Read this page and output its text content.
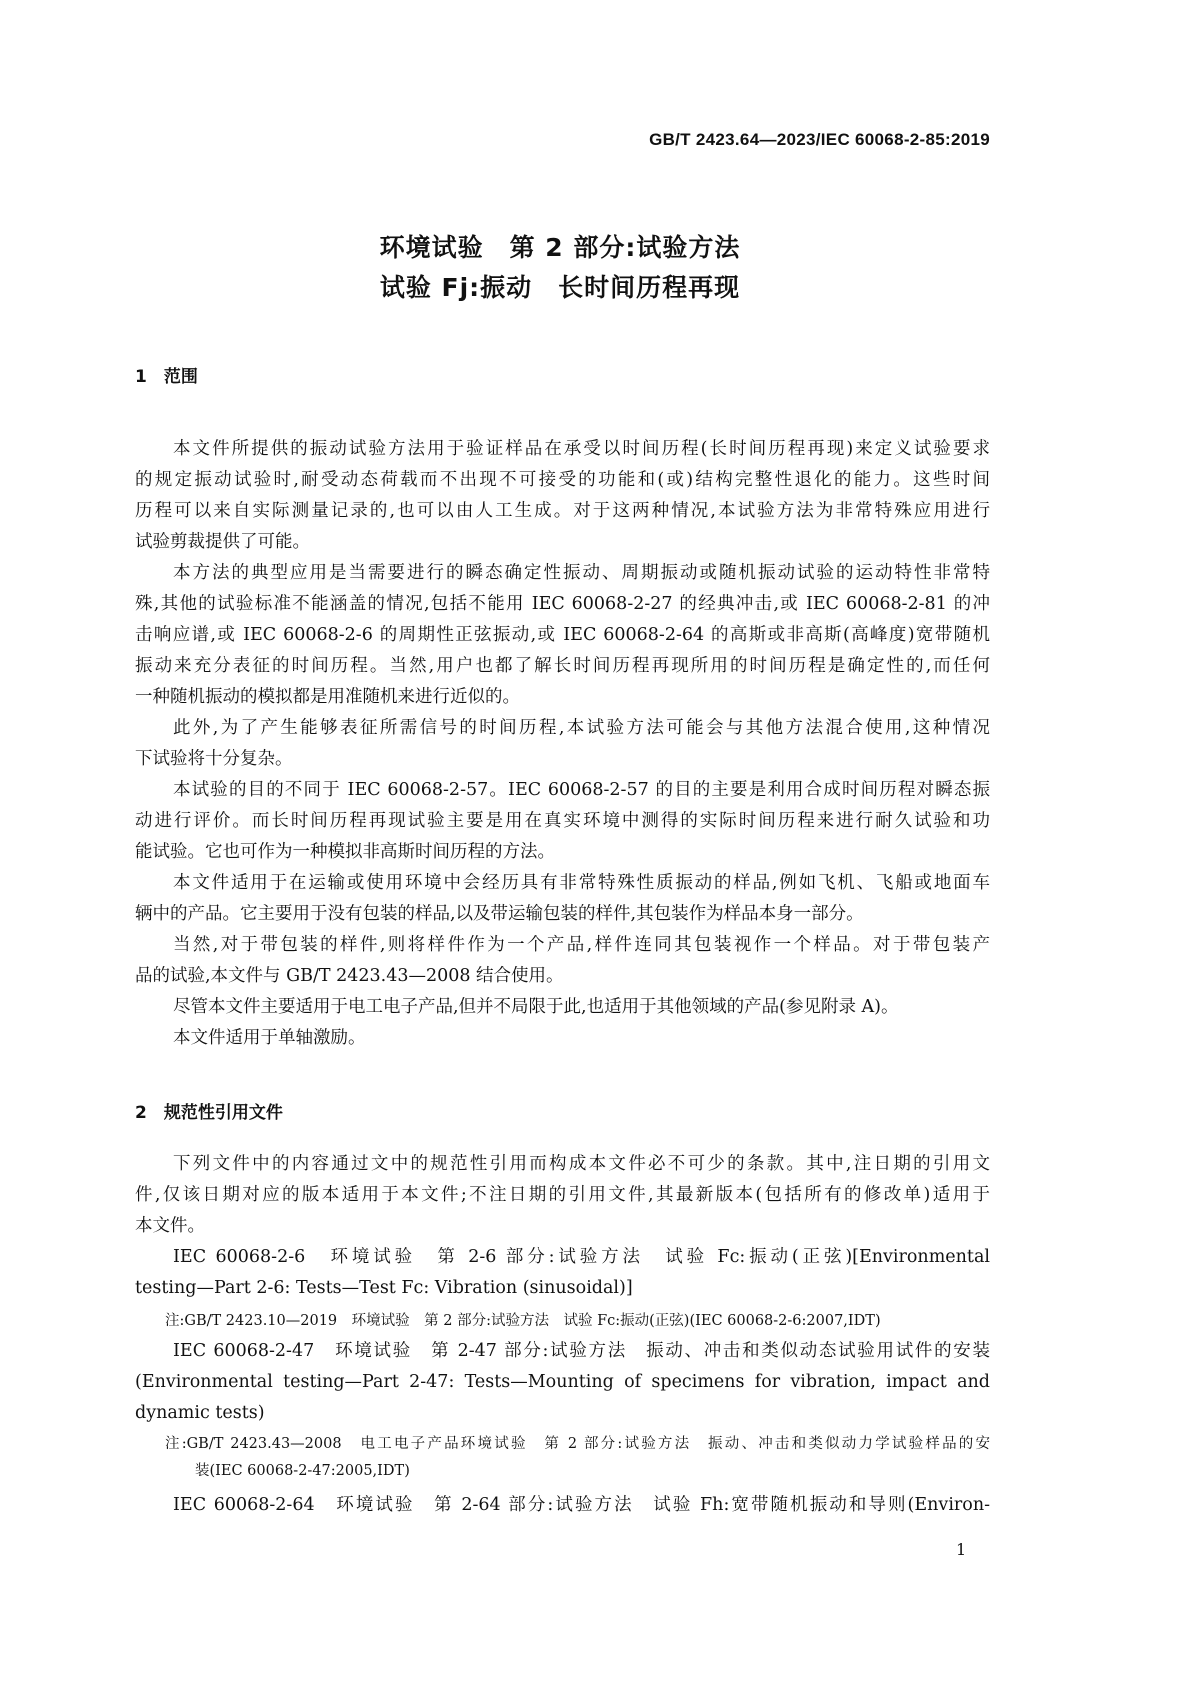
GB/T 2423.64—2023/IEC 60068-2-85:2019
环境试验　第 2 部分:试验方法
试验 Fj:振动　长时间历程再现
1　范围
2　规范性引用文件
本文件所提供的振动试验方法用于验证样品在承受以时间历程(长时间历程再现)来定义试验要求
的规定振动试验时,耐受动态荷载而不出现不可接受的功能和(或)结构完整性退化的能力。这些时间
历程可以来自实际测量记录的,也可以由人工生成。对于这两种情况,本试验方法为非常特殊应用进行
试验剪裁提供了可能。
本方法的典型应用是当需要进行的瞬态确定性振动、周期振动或随机振动试验的运动特性非常特
殊,其他的试验标准不能涵盖的情况,包括不能用 IEC 60068-2-27 的经典冲击,或 IEC 60068-2-81 的冲
击响应谱,或 IEC 60068-2-6 的周期性正弦振动,或 IEC 60068-2-64 的高斯或非高斯(高峰度)宽带随机
振动来充分表征的时间历程。当然,用户也都了解长时间历程再现所用的时间历程是确定性的,而任何
一种随机振动的模拟都是用准随机来进行近似的。
此外,为了产生能够表征所需信号的时间历程,本试验方法可能会与其他方法混合使用,这种情况
下试验将十分复杂。
本试验的目的不同于 IEC 60068-2-57。IEC 60068-2-57 的目的主要是利用合成时间历程对瞬态振
动进行评价。而长时间历程再现试验主要是用在真实环境中测得的实际时间历程来进行耐久试验和功
能试验。它也可作为一种模拟非高斯时间历程的方法。
本文件适用于在运输或使用环境中会经历具有非常特殊性质振动的样品,例如飞机、飞船或地面车
辆中的产品。它主要用于没有包装的样品,以及带运输包装的样件,其包装作为样品本身一部分。
当然,对于带包装的样件,则将样件作为一个产品,样件连同其包装视作一个样品。对于带包装产
品的试验,本文件与 GB/T 2423.43—2008 结合使用。
尽管本文件主要适用于电工电子产品,但并不局限于此,也适用于其他领域的产品(参见附录 A)。
本文件适用于单轴激励。
下列文件中的内容通过文中的规范性引用而构成本文件必不可少的条款。其中,注日期的引用文
件,仅该日期对应的版本适用于本文件;不注日期的引用文件,其最新版本(包括所有的修改单)适用于
本文件。
IEC 60068-2-6　环境试验　第 2-6 部分:试验方法　试验 Fc:振动(正弦)[Environmental
testing—Part 2-6: Tests—Test Fc: Vibration (sinusoidal)]
注:GB/T 2423.10—2019　环境试验　第 2 部分:试验方法　试验 Fc:振动(正弦)(IEC 60068-2-6:2007,IDT)
IEC 60068-2-47　环境试验　第 2-47 部分:试验方法　振动、冲击和类似动态试验用试件的安装
(Environmental testing—Part 2-47: Tests—Mounting of specimens for vibration, impact and
dynamic tests)
注:GB/T 2423.43—2008　电工电子产品环境试验　第 2 部分:试验方法　振动、冲击和类似动力学试验样品的安
装(IEC 60068-2-47:2005,IDT)
IEC 60068-2-64　环境试验　第 2-64 部分:试验方法　试验 Fh:宽带随机振动和导则(Environ-
1
